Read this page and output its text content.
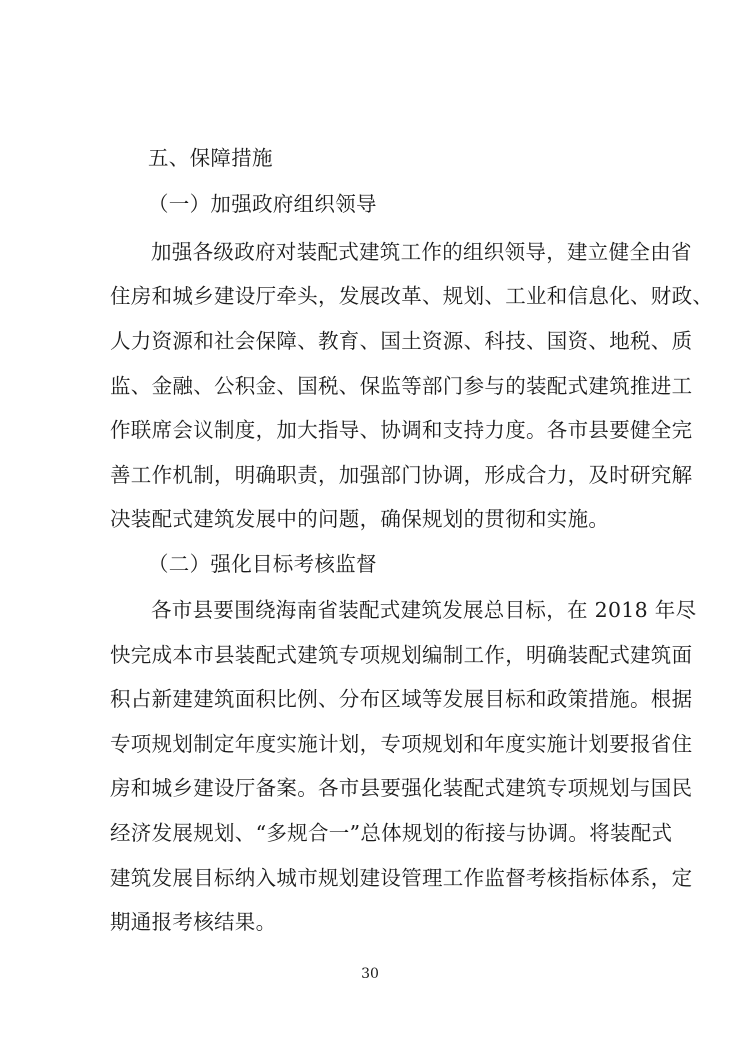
五、保障措施
（一）加强政府组织领导
加强各级政府对装配式建筑工作的组织领导，建立健全由省
住房和城乡建设厅牵头，发展改革、规划、工业和信息化、财政、
人力资源和社会保障、教育、国土资源、科技、国资、地税、质
监、金融、公积金、国税、保监等部门参与的装配式建筑推进工
作联席会议制度，加大指导、协调和支持力度。各市县要健全完
善工作机制，明确职责，加强部门协调，形成合力，及时研究解
决装配式建筑发展中的问题，确保规划的贯彻和实施。
（二）强化目标考核监督
各市县要围绕海南省装配式建筑发展总目标，在 2018 年尽
快完成本市县装配式建筑专项规划编制工作，明确装配式建筑面
积占新建建筑面积比例、分布区域等发展目标和政策措施。根据
专项规划制定年度实施计划，专项规划和年度实施计划要报省住
房和城乡建设厅备案。各市县要强化装配式建筑专项规划与国民
经济发展规划、“多规合一”总体规划的衔接与协调。将装配式
建筑发展目标纳入城市规划建设管理工作监督考核指标体系，定
期通报考核结果。
30
